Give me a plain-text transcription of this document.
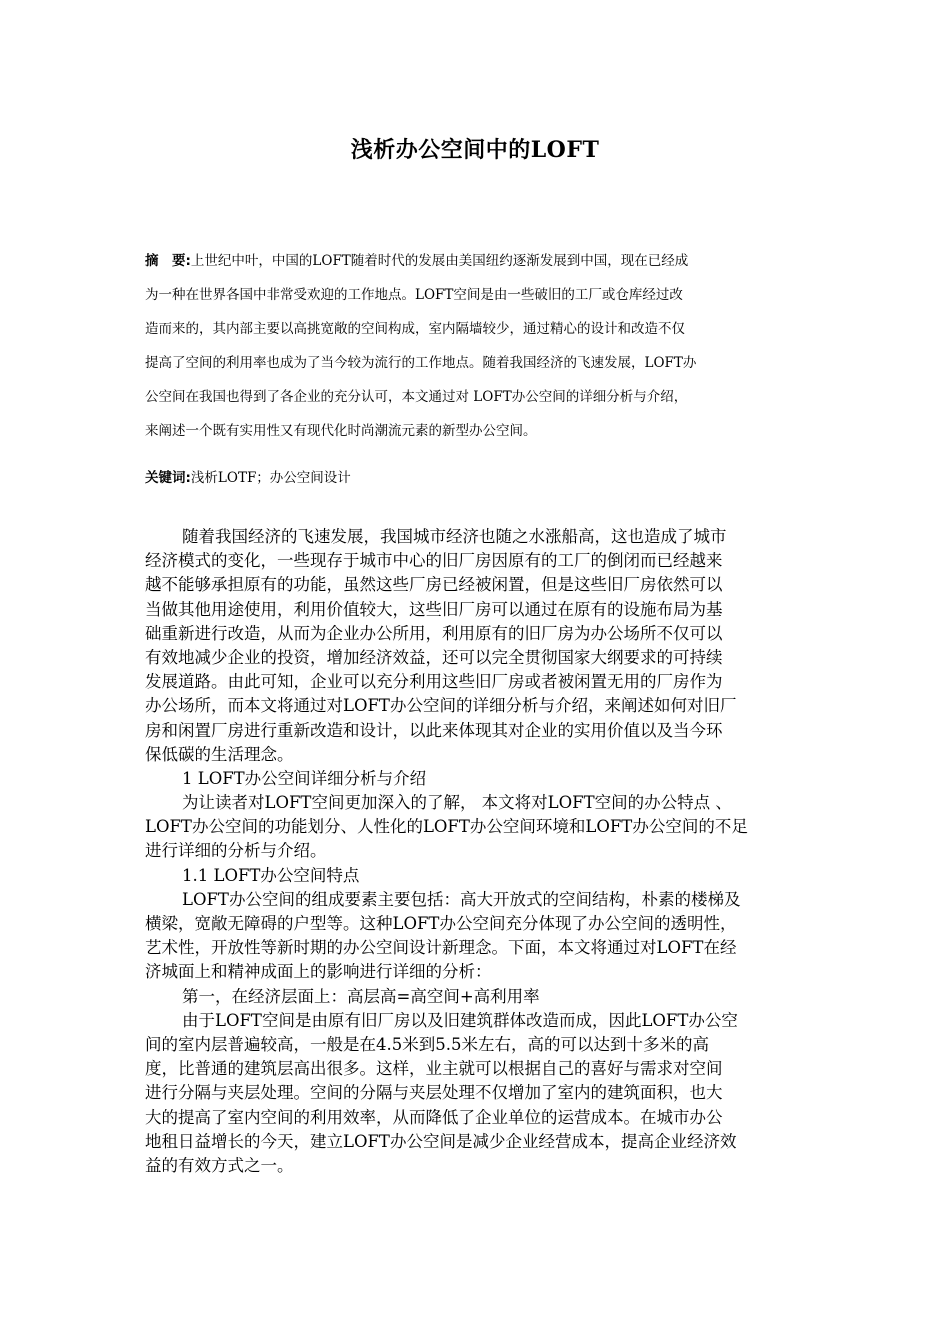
浅析办公空间中的LOFT
摘　要:上世纪中叶，中国的LOFT随着时代的发展由美国纽约逐渐发展到中国，现在已经成
为一种在世界各国中非常受欢迎的工作地点。LOFT空间是由一些破旧的工厂或仓库经过改
造而来的，其内部主要以高挑宽敞的空间构成，室内隔墙较少，通过精心的设计和改造不仅
提高了空间的利用率也成为了当今较为流行的工作地点。随着我国经济的飞速发展，LOFT办
公空间在我国也得到了各企业的充分认可，本文通过对 LOFT办公空间的详细分析与介绍，
来阐述一个既有实用性又有现代化时尚潮流元素的新型办公空间。
关键词:浅析LOTF；办公空间设计
随着我国经济的飞速发展，我国城市经济也随之水涨船高，这也造成了城市
经济模式的变化，一些现存于城市中心的旧厂房因原有的工厂的倒闭而已经越来
越不能够承担原有的功能，虽然这些厂房已经被闲置，但是这些旧厂房依然可以
当做其他用途使用，利用价值较大，这些旧厂房可以通过在原有的设施布局为基
础重新进行改造，从而为企业办公所用，利用原有的旧厂房为办公场所不仅可以
有效地减少企业的投资，增加经济效益，还可以完全贯彻国家大纲要求的可持续
发展道路。由此可知，企业可以充分利用这些旧厂房或者被闲置无用的厂房作为
办公场所，而本文将通过对LOFT办公空间的详细分析与介绍，来阐述如何对旧厂
房和闲置厂房进行重新改造和设计，以此来体现其对企业的实用价值以及当今环
保低碳的生活理念。
1 LOFT办公空间详细分析与介绍
为让读者对LOFT空间更加深入的了解， 本文将对LOFT空间的办公特点 、
LOFT办公空间的功能划分、人性化的LOFT办公空间环境和LOFT办公空间的不足
进行详细的分析与介绍。
1.1 LOFT办公空间特点
LOFT办公空间的组成要素主要包括：高大开放式的空间结构，朴素的楼梯及
横梁，宽敞无障碍的户型等。这种LOFT办公空间充分体现了办公空间的透明性，
艺术性，开放性等新时期的办公空间设计新理念。下面，本文将通过对LOFT在经
济城面上和精神成面上的影响进行详细的分析：
第一，在经济层面上：高层高=高空间+高利用率
由于LOFT空间是由原有旧厂房以及旧建筑群体改造而成，因此LOFT办公空
间的室内层普遍较高，一般是在4.5米到5.5米左右，高的可以达到十多米的高
度，比普通的建筑层高出很多。这样，业主就可以根据自己的喜好与需求对空间
进行分隔与夹层处理。空间的分隔与夹层处理不仅增加了室内的建筑面积，也大
大的提高了室内空间的利用效率，从而降低了企业单位的运营成本。在城市办公
地租日益增长的今天，建立LOFT办公空间是减少企业经营成本，提高企业经济效
益的有效方式之一。
